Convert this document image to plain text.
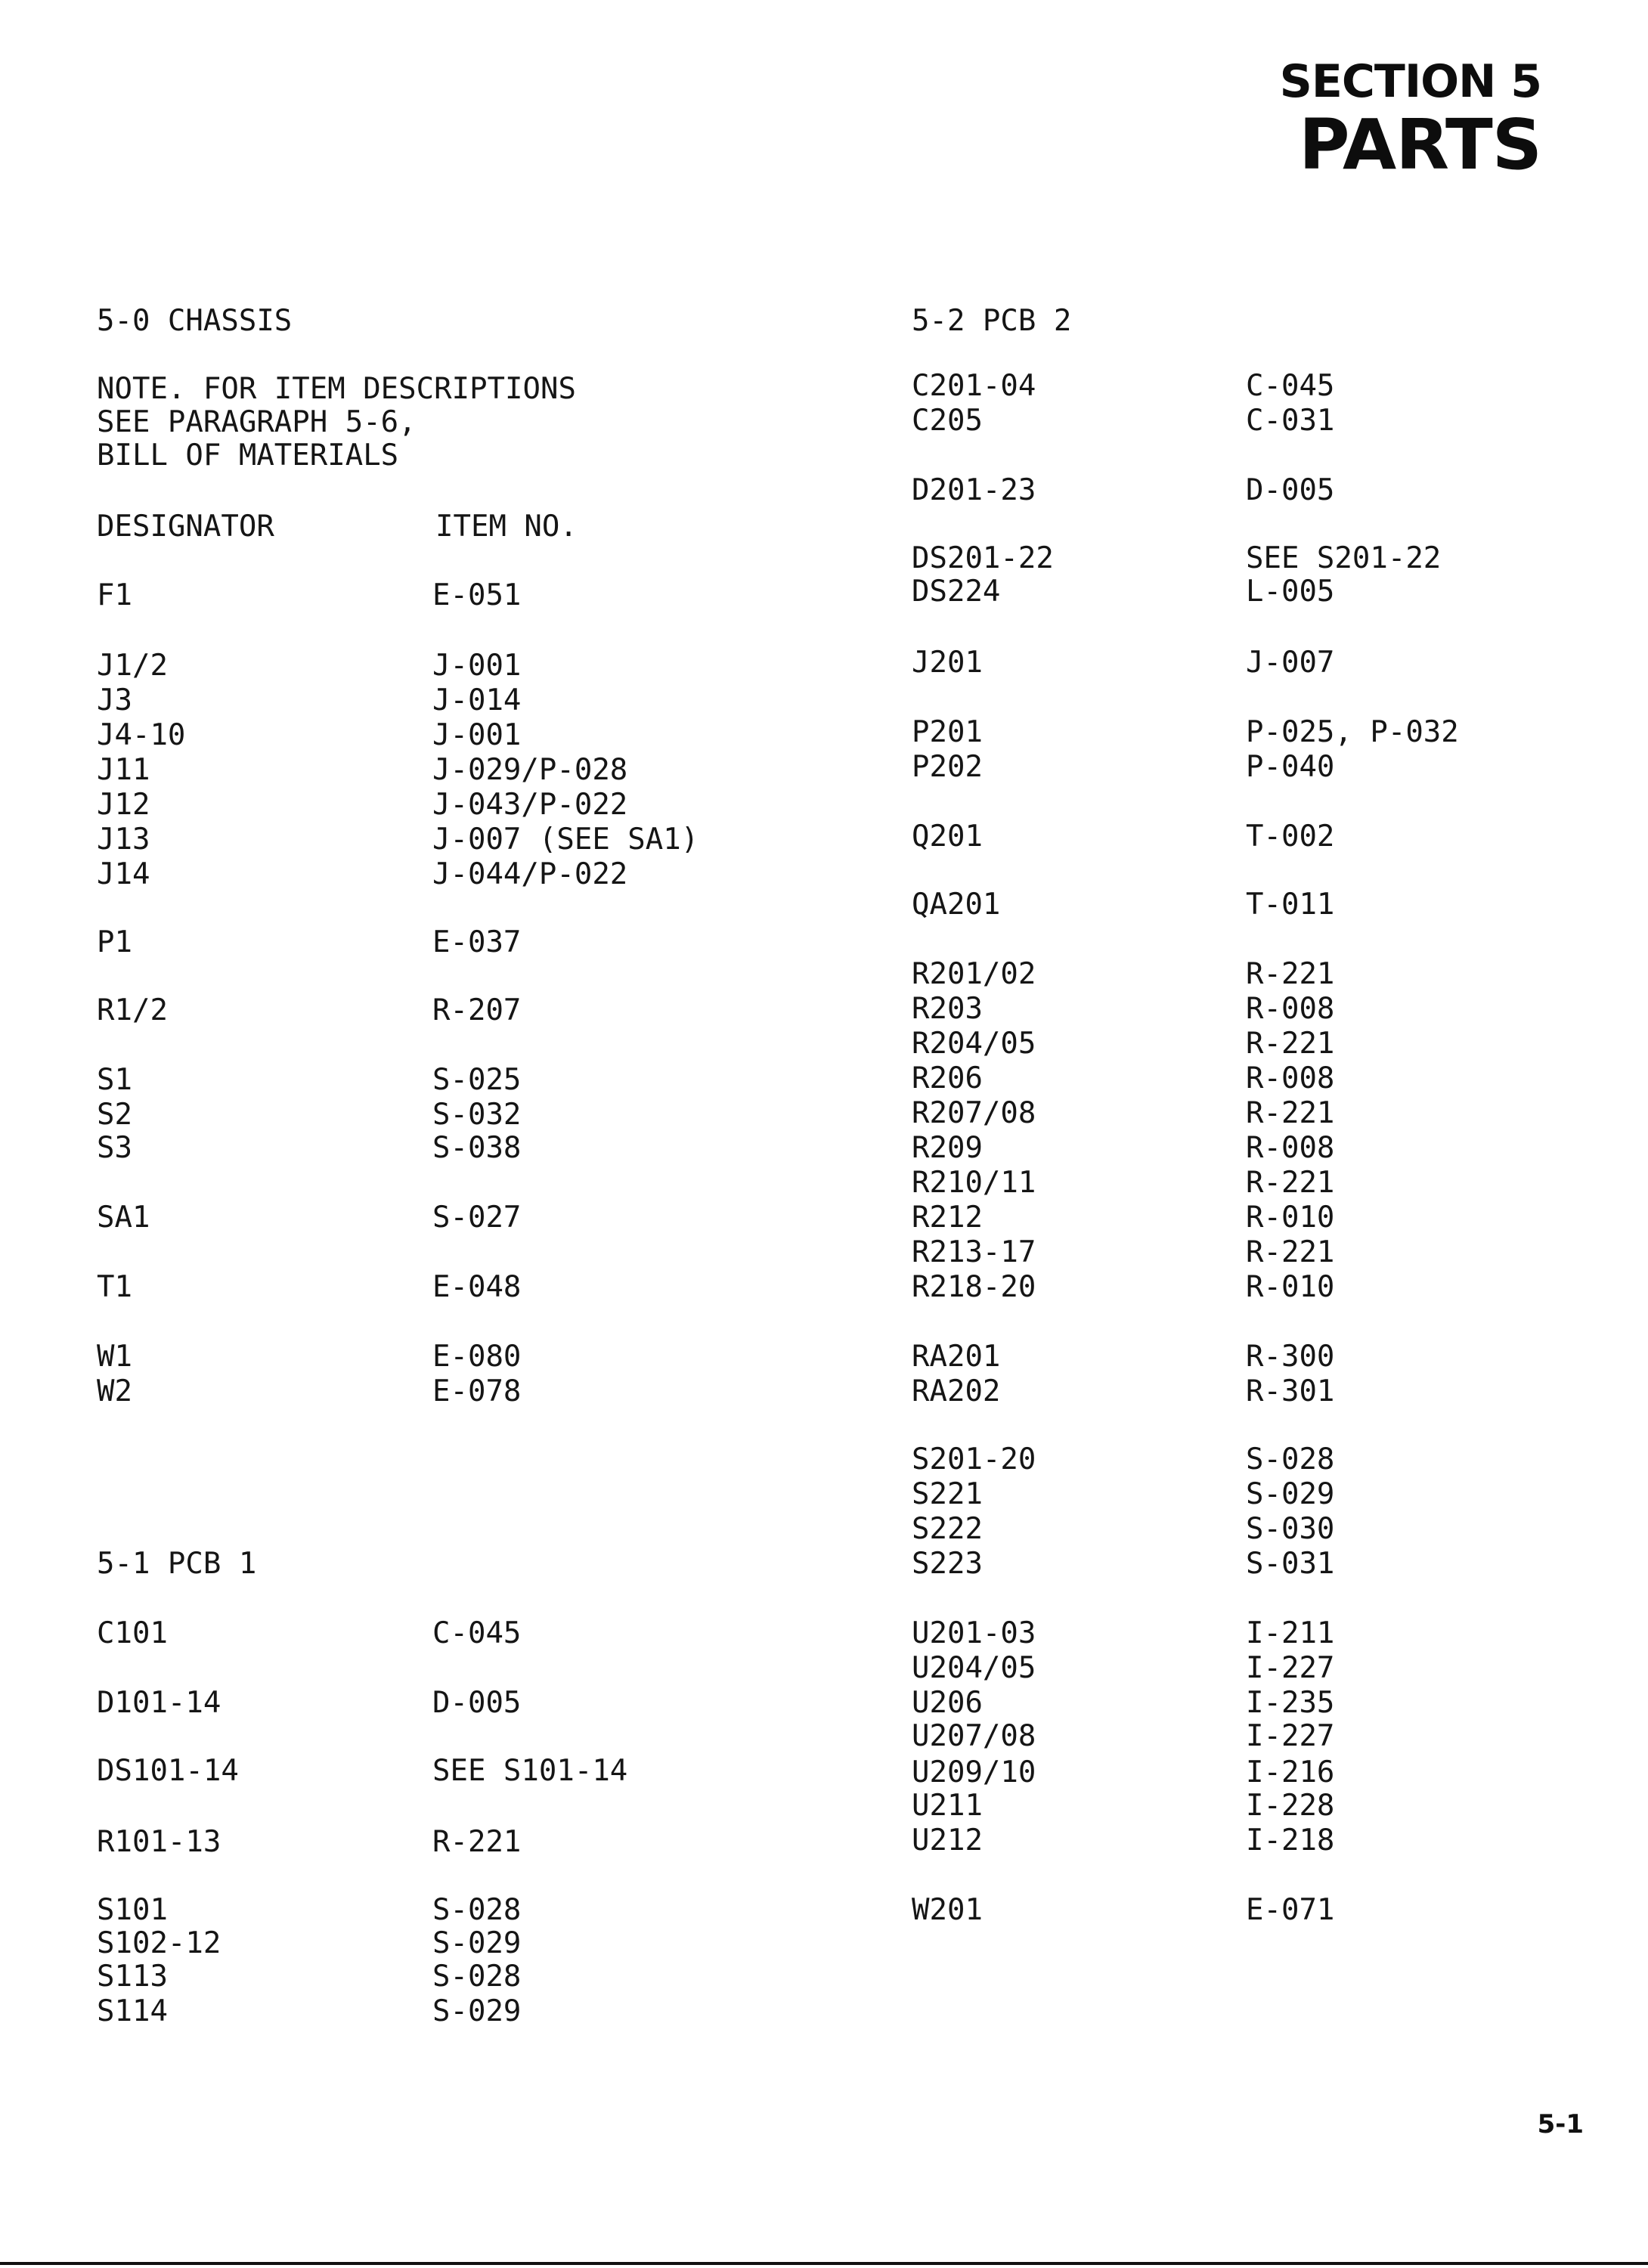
SECTION 5
PARTS
5-0 CHASSIS
NOTE. FOR ITEM DESCRIPTIONS
SEE PARAGRAPH 5-6,
BILL OF MATERIALS
DESIGNATOR	ITEM NO.
F1	E-051
J1/2	J-001
J3	J-014
J4-10	J-001
J11	J-029/P-028
J12	J-043/P-022
J13	J-007 (SEE SA1)
J14	J-044/P-022
P1	E-037
R1/2	R-207
S1	S-025
S2	S-032
S3	S-038
SA1	S-027
T1	E-048
W1	E-080
W2	E-078
5-1 PCB 1
C101	C-045
D101-14	D-005
DS101-14	SEE S101-14
R101-13	R-221
S101	S-028
S102-12	S-029
S113	S-028
S114	S-029
5-2 PCB 2
C201-04	C-045
C205	C-031
D201-23	D-005
DS201-22	SEE S201-22
DS224	L-005
J201	J-007
P201	P-025, P-032
P202	P-040
Q201	T-002
QA201	T-011
R201/02	R-221
R203	R-008
R204/05	R-221
R206	R-008
R207/08	R-221
R209	R-008
R210/11	R-221
R212	R-010
R213-17	R-221
R218-20	R-010
RA201	R-300
RA202	R-301
S201-20	S-028
S221	S-029
S222	S-030
S223	S-031
U201-03	I-211
U204/05	I-227
U206	I-235
U207/08	I-227
U209/10	I-216
U211	I-228
U212	I-218
W201	E-071
5-1
